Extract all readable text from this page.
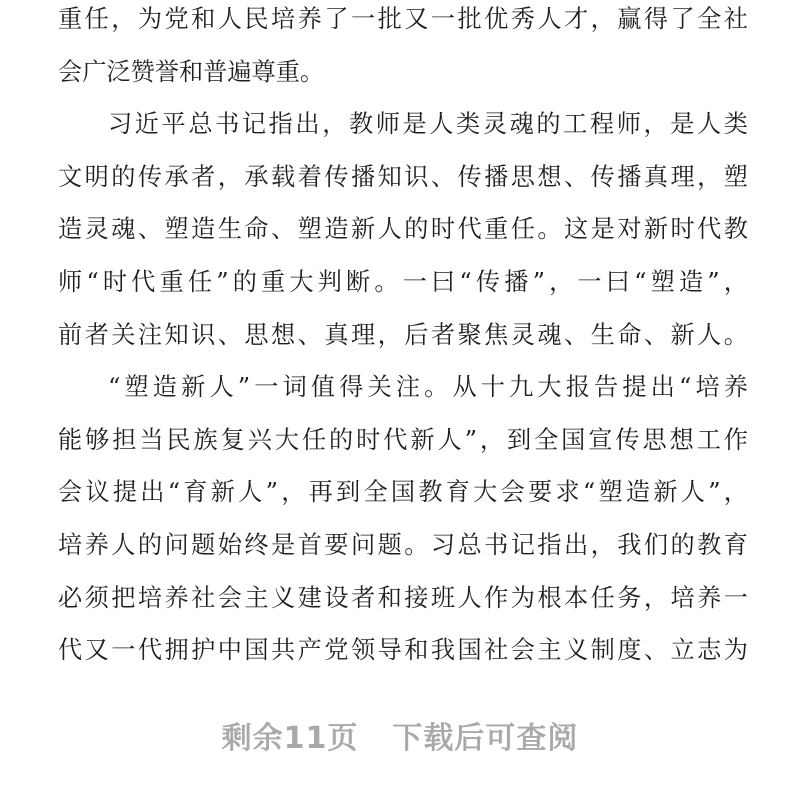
重任，为党和人民培养了一批又一批优秀人才，赢得了全社
会广泛赞誉和普遍尊重。
习近平总书记指出，教师是人类灵魂的工程师，是人类
文明的传承者，承载着传播知识、传播思想、传播真理，塑
造灵魂、塑造生命、塑造新人的时代重任。这是对新时代教
师“时代重任”的重大判断。一曰“传播”，一曰“塑造”，
前者关注知识、思想、真理，后者聚焦灵魂、生命、新人。
“塑造新人”一词值得关注。从十九大报告提出“培养
能够担当民族复兴大任的时代新人”，到全国宣传思想工作
会议提出“育新人”，再到全国教育大会要求“塑造新人”，
培养人的问题始终是首要问题。习总书记指出，我们的教育
必须把培养社会主义建设者和接班人作为根本任务，培养一
代又一代拥护中国共产党领导和我国社会主义制度、立志为
剩余11页 下载后可查阅
